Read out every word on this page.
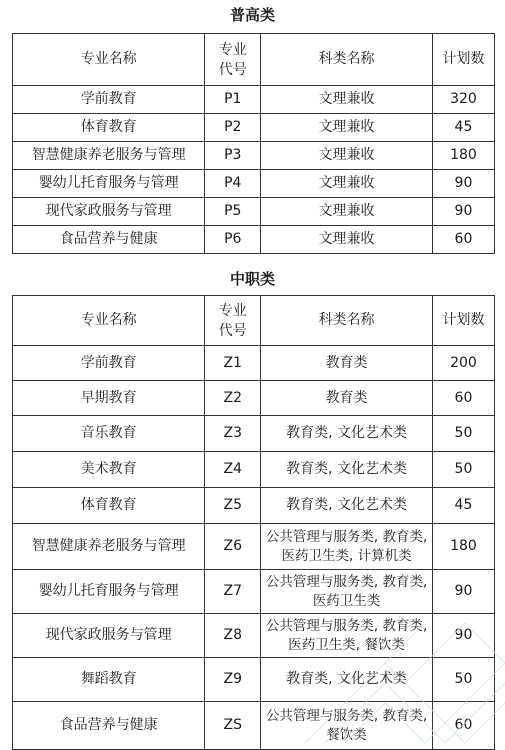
普高类
专业名称	专业代号	科类名称	计划数
学前教育	P1	文理兼收	320
体育教育	P2	文理兼收	45
智慧健康养老服务与管理	P3	文理兼收	180
婴幼儿托育服务与管理	P4	文理兼收	90
现代家政服务与管理	P5	文理兼收	90
食品营养与健康	P6	文理兼收	60
中职类
专业名称	专业代号	科类名称	计划数
学前教育	Z1	教育类	200
早期教育	Z2	教育类	60
音乐教育	Z3	教育类, 文化艺术类	50
美术教育	Z4	教育类, 文化艺术类	50
体育教育	Z5	教育类, 文化艺术类	45
智慧健康养老服务与管理	Z6	公共管理与服务类, 教育类, 医药卫生类, 计算机类	180
婴幼儿托育服务与管理	Z7	公共管理与服务类, 教育类, 医药卫生类	90
现代家政服务与管理	Z8	公共管理与服务类, 教育类, 医药卫生类, 餐饮类	90
舞蹈教育	Z9	教育类, 文化艺术类	50
食品营养与健康	ZS	公共管理与服务类, 教育类, 餐饮类	60
